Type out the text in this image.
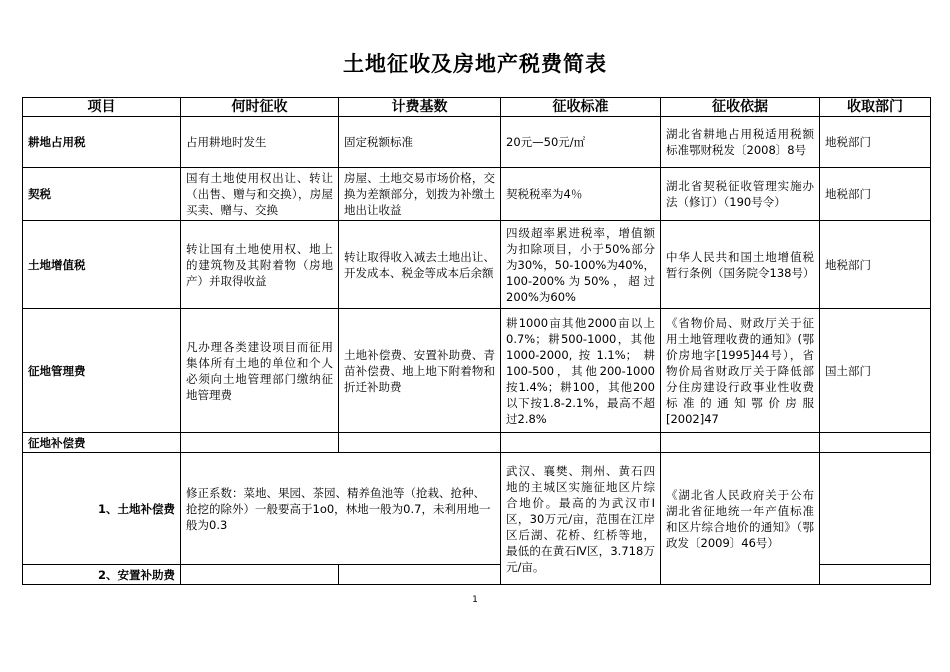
土地征收及房地产税费简表
项目	何时征收	计费基数	征收标准	征收依据	收取部门
耕地占用税	占用耕地时发生	固定税额标准	20元—50元/㎡	湖北省耕地占用税适用税额标准鄂财税发〔2008〕8号	地税部门
契税	国有土地使用权出让、转让（出售、赠与和交换），房屋买卖、赠与、交换	房屋、土地交易市场价格，交换为差额部分，划拨为补缴土地出让收益	契税税率为4％	湖北省契税征收管理实施办法（修订）（190号令）	地税部门
土地增值税	转让国有土地使用权、地上的建筑物及其附着物（房地产）并取得收益	转让取得收入减去土地出让、开发成本、税金等成本后余额	四级超率累进税率，增值额为扣除项目，小于50%部分为30%，50-100%为40%，100-200%为50%，超过200%为60%	中华人民共和国土地增值税暂行条例（国务院令138号）	地税部门
征地管理费	凡办理各类建设项目而征用集体所有土地的单位和个人必须向土地管理部门缴纳征地管理费	土地补偿费、安置补助费、青苗补偿费、地上地下附着物和折迁补助费	耕1000亩其他2000亩以上0.7%；耕500-1000，其他1000-2000,按1.1%；耕100-500，其他200-1000按1.4%；耕100，其他200以下按1.8-2.1%，最高不超过2.8%	《省物价局、财政厅关于征用土地管理收费的通知》(鄂价房地字[1995]44号），省物价局省财政厅关于降低部分住房建设行政事业性收费标准的通知鄂价房服[2002]47	国土部门
征地补偿费					
1、土地补偿费	修正系数：菜地、果园、茶园、精养鱼池等（抢栽、抢种、抢挖的除外）一般要高于1o0，林地一般为0.7，未利用地一般为0.3		武汉、襄樊、荆州、黄石四地的主城区实施征地区片综合地价。最高的为武汉市Ⅰ区，30万元/亩，范围在江岸区后湖、花桥、红桥等地，最低的在黄石Ⅳ区，3.718万元/亩。	《湖北省人民政府关于公布湖北省征地统一年产值标准和区片综合地价的通知》（鄂政发〔2009〕46号）	
2、安置补助费					
1
